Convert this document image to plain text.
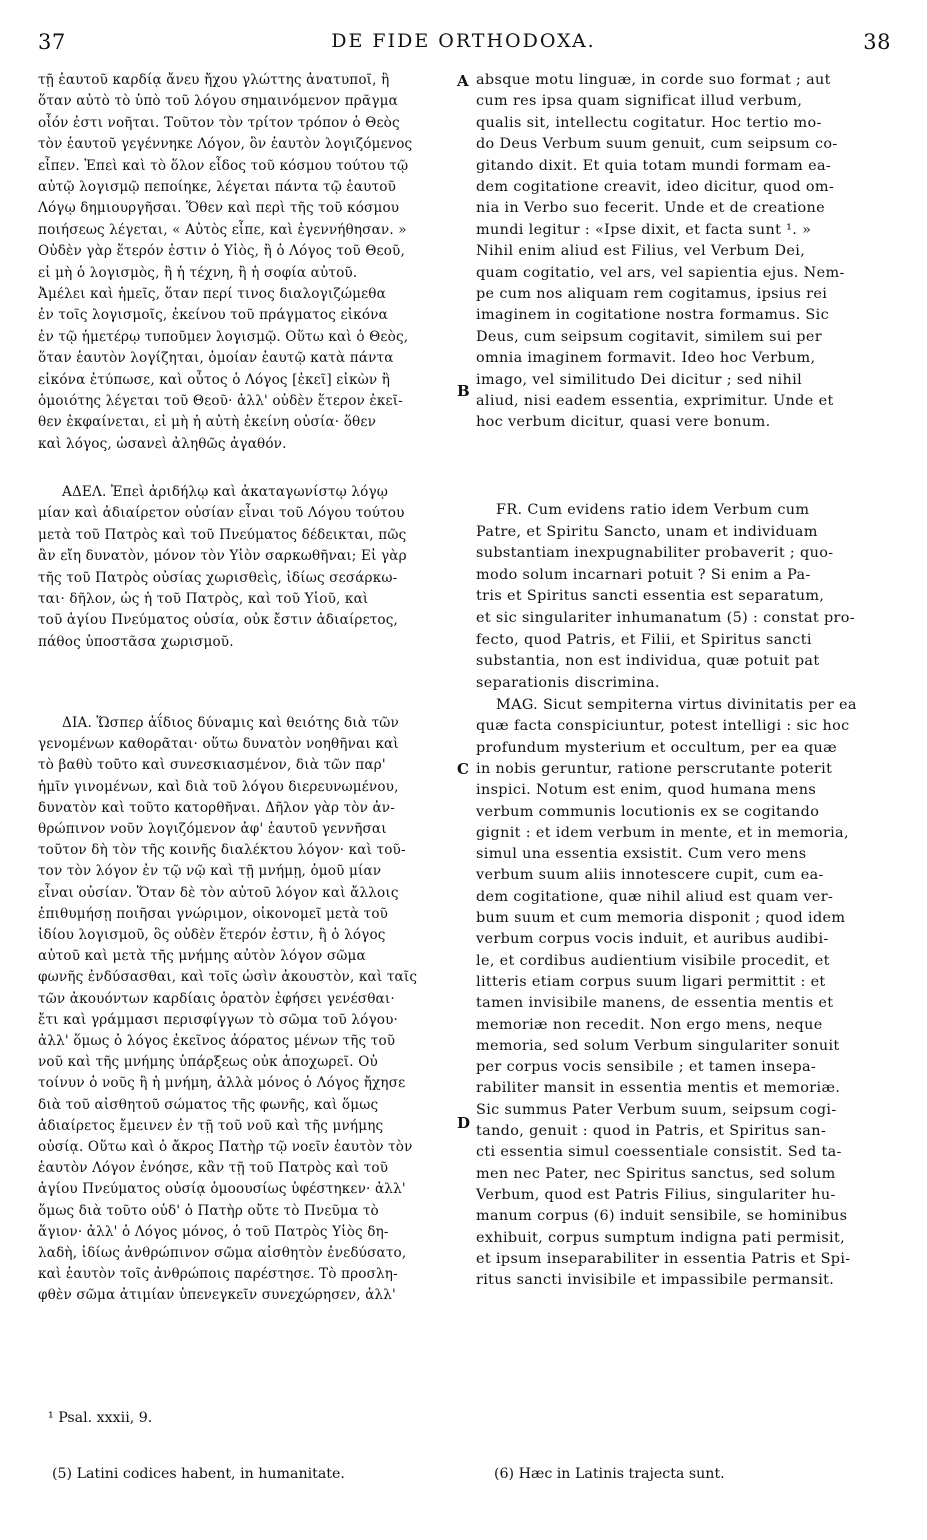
37	DE FIDE ORTHODOXA.	38
τῇ ἑαυτοῦ καρδίᾳ ἄνευ ἤχου γλώττης ἀνατυποῖ, ἢ
ὅταν αὐτὸ τὸ ὑπὸ τοῦ λόγου σημαινόμενον πρᾶγμα
οἷόν ἐστι νοῆται. Τοῦτον τὸν τρίτον τρόπον ὁ Θεὸς
τὸν ἑαυτοῦ γεγέννηκε Λόγον, ὃν ἑαυτὸν λογιζόμενος
εἶπεν. Ἐπεὶ καὶ τὸ ὅλον εἶδος τοῦ κόσμου τούτου τῷ
αὐτῷ λογισμῷ πεποίηκε, λέγεται πάντα τῷ ἑαυτοῦ
Λόγῳ δημιουργῆσαι. Ὅθεν καὶ περὶ τῆς τοῦ κόσμου
ποιήσεως λέγεται, « Αὐτὸς εἶπε, καὶ ἐγεννήθησαν. »
Οὐδὲν γὰρ ἕτερόν ἐστιν ὁ Υἱὸς, ἢ ὁ Λόγος τοῦ Θεοῦ,
εἰ μὴ ὁ λογισμὸς, ἢ ἡ τέχνη, ἢ ἡ σοφία αὐτοῦ.
Ἀμέλει καὶ ἡμεῖς, ὅταν περί τινος διαλογιζώμεθα
ἐν τοῖς λογισμοῖς, ἐκείνου τοῦ πράγματος εἰκόνα
ἐν τῷ ἡμετέρῳ τυποῦμεν λογισμῷ. Οὕτω καὶ ὁ Θεὸς,
ὅταν ἑαυτὸν λογίζηται, ὁμοίαν ἑαυτῷ κατὰ πάντα
εἰκόνα ἐτύπωσε, καὶ οὗτος ὁ Λόγος [ἐκεῖ] εἰκὼν ἢ
ὁμοιότης λέγεται τοῦ Θεοῦ· ἀλλ' οὐδὲν ἕτερον ἐκεῖ-
θεν ἐκφαίνεται, εἰ μὴ ἡ αὐτὴ ἐκείνη οὐσία· ὅθεν
καὶ λόγος, ὡσανεὶ ἀληθῶς ἀγαθόν.
ΑΔΕΛ. Ἐπεὶ ἀριδήλῳ καὶ ἀκαταγωνίστῳ λόγῳ
μίαν καὶ ἀδιαίρετον οὐσίαν εἶναι τοῦ Λόγου τούτου
μετὰ τοῦ Πατρὸς καὶ τοῦ Πνεύματος δέδεικται, πῶς
ἂν εἴη δυνατὸν, μόνον τὸν Υἱὸν σαρκωθῆναι; Εἰ γὰρ
τῆς τοῦ Πατρὸς οὐσίας χωρισθεὶς, ἰδίως σεσάρκω-
ται· δῆλον, ὡς ἡ τοῦ Πατρὸς, καὶ τοῦ Υἱοῦ, καὶ
τοῦ ἁγίου Πνεύματος οὐσία, οὐκ ἔστιν ἀδιαίρετος,
πάθος ὑποστᾶσα χωρισμοῦ.
ΔΙΑ. Ὥσπερ ἀΐδιος δύναμις καὶ θειότης διὰ τῶν
γενομένων καθορᾶται· οὕτω δυνατὸν νοηθῆναι καὶ
τὸ βαθὺ τοῦτο καὶ συνεσκιασμένον, διὰ τῶν παρ'
ἡμῖν γινομένων, καὶ διὰ τοῦ λόγου διερευνωμένου,
δυνατὸν καὶ τοῦτο κατορθῆναι. Δῆλον γὰρ τὸν ἀν-
θρώπινον νοῦν λογιζόμενον ἀφ' ἑαυτοῦ γεννῆσαι
τοῦτον δὴ τὸν τῆς κοινῆς διαλέκτου λόγον· καὶ τοῦ-
τον τὸν λόγον ἐν τῷ νῷ καὶ τῇ μνήμῃ, ὁμοῦ μίαν
εἶναι οὐσίαν. Ὅταν δὲ τὸν αὐτοῦ λόγον καὶ ἄλλοις
ἐπιθυμήσῃ ποιῆσαι γνώριμον, οἰκονομεῖ μετὰ τοῦ
ἰδίου λογισμοῦ, ὃς οὐδὲν ἕτερόν ἐστιν, ἢ ὁ λόγος
αὐτοῦ καὶ μετὰ τῆς μνήμης αὐτὸν λόγον σῶμα
φωνῆς ἐνδύσασθαι, καὶ τοῖς ὠσὶν ἀκουστὸν, καὶ ταῖς
τῶν ἀκουόντων καρδίαις ὁρατὸν ἐφήσει γενέσθαι·
ἔτι καὶ γράμμασι περισφίγγων τὸ σῶμα τοῦ λόγου·
ἀλλ' ὅμως ὁ λόγος ἐκεῖνος ἀόρατος μένων τῆς τοῦ
νοῦ καὶ τῆς μνήμης ὑπάρξεως οὐκ ἀποχωρεῖ. Οὐ
τοίνυν ὁ νοῦς ἢ ἡ μνήμη, ἀλλὰ μόνος ὁ Λόγος ἤχησε
διὰ τοῦ αἰσθητοῦ σώματος τῆς φωνῆς, καὶ ὅμως
ἀδιαίρετος ἔμεινεν ἐν τῇ τοῦ νοῦ καὶ τῆς μνήμης
οὐσίᾳ. Οὕτω καὶ ὁ ἄκρος Πατὴρ τῷ νοεῖν ἑαυτὸν τὸν
ἑαυτὸν Λόγον ἐνόησε, κἂν τῇ τοῦ Πατρὸς καὶ τοῦ
ἁγίου Πνεύματος οὐσίᾳ ὁμοουσίως ὑφέστηκεν· ἀλλ'
ὅμως διὰ τοῦτο οὐδ' ὁ Πατὴρ οὔτε τὸ Πνεῦμα τὸ
ἅγιον· ἀλλ' ὁ Λόγος μόνος, ὁ τοῦ Πατρὸς Υἱὸς δη-
λαδὴ, ἰδίως ἀνθρώπινον σῶμα αἰσθητὸν ἐνεδύσατο,
καὶ ἑαυτὸν τοῖς ἀνθρώποις παρέστησε. Τὸ προσλη-
φθὲν σῶμα ἀτιμίαν ὑπενεγκεῖν συνεχώρησεν, ἀλλ'
absque motu linguæ, in corde suo format ; aut
cum res ipsa quam significat illud verbum,
qualis sit, intellectu cogitatur. Hoc tertio mo-
do Deus Verbum suum genuit, cum seipsum co-
gitando dixit. Et quia totam mundi formam ea-
dem cogitatione creavit, ideo dicitur, quod om-
nia in Verbo suo fecerit. Unde et de creatione
mundi legitur : «Ipse dixit, et facta sunt ¹. »
Nihil enim aliud est Filius, vel Verbum Dei,
quam cogitatio, vel ars, vel sapientia ejus. Nem-
pe cum nos aliquam rem cogitamus, ipsius rei
imaginem in cogitatione nostra formamus. Sic
Deus, cum seipsum cogitavit, similem sui per
omnia imaginem formavit. Ideo hoc Verbum,
imago, vel similitudo Dei dicitur ; sed nihil
aliud, nisi eadem essentia, exprimitur. Unde et
hoc verbum dicitur, quasi vere bonum.
FR. Cum evidens ratio idem Verbum cum
Patre, et Spiritu Sancto, unam et individuam
substantiam inexpugnabiliter probaverit ; quo-
modo solum incarnari potuit ? Si enim a Pa-
tris et Spiritus sancti essentia est separatum,
et sic singulariter inhumanatum (5) : constat pro-
fecto, quod Patris, et Filii, et Spiritus sancti
substantia, non est individua, quæ potuit pat
separationis discrimina.
MAG. Sicut sempiterna virtus divinitatis per ea
quæ facta conspiciuntur, potest intelligi : sic hoc
profundum mysterium et occultum, per ea quæ
in nobis geruntur, ratione perscrutante poterit
inspici. Notum est enim, quod humana mens
verbum communis locutionis ex se cogitando
gignit : et idem verbum in mente, et in memoria,
simul una essentia exsistit. Cum vero mens
verbum suum aliis innotescere cupit, cum ea-
dem cogitatione, quæ nihil aliud est quam ver-
bum suum et cum memoria disponit ; quod idem
verbum corpus vocis induit, et auribus audibi-
le, et cordibus audientium visibile procedit, et
litteris etiam corpus suum ligari permittit : et
tamen invisibile manens, de essentia mentis et
memoriæ non recedit. Non ergo mens, neque
memoria, sed solum Verbum singulariter sonuit
per corpus vocis sensibile ; et tamen insepa-
rabiliter mansit in essentia mentis et memoriæ.
Sic summus Pater Verbum suum, seipsum cogi-
tando, genuit : quod in Patris, et Spiritus san-
cti essentia simul coessentiale consistit. Sed ta-
men nec Pater, nec Spiritus sanctus, sed solum
Verbum, quod est Patris Filius, singulariter hu-
manum corpus (6) induit sensibile, se hominibus
exhibuit, corpus sumptum indigna pati permisit,
et ipsum inseparabiliter in essentia Patris et Spi-
ritus sancti invisibile et impassibile permansit.
A
B
C
D
¹ Psal. xxxii, 9.
(5) Latini codices habent, in humanitate.	(6) Hæc in Latinis trajecta sunt.
